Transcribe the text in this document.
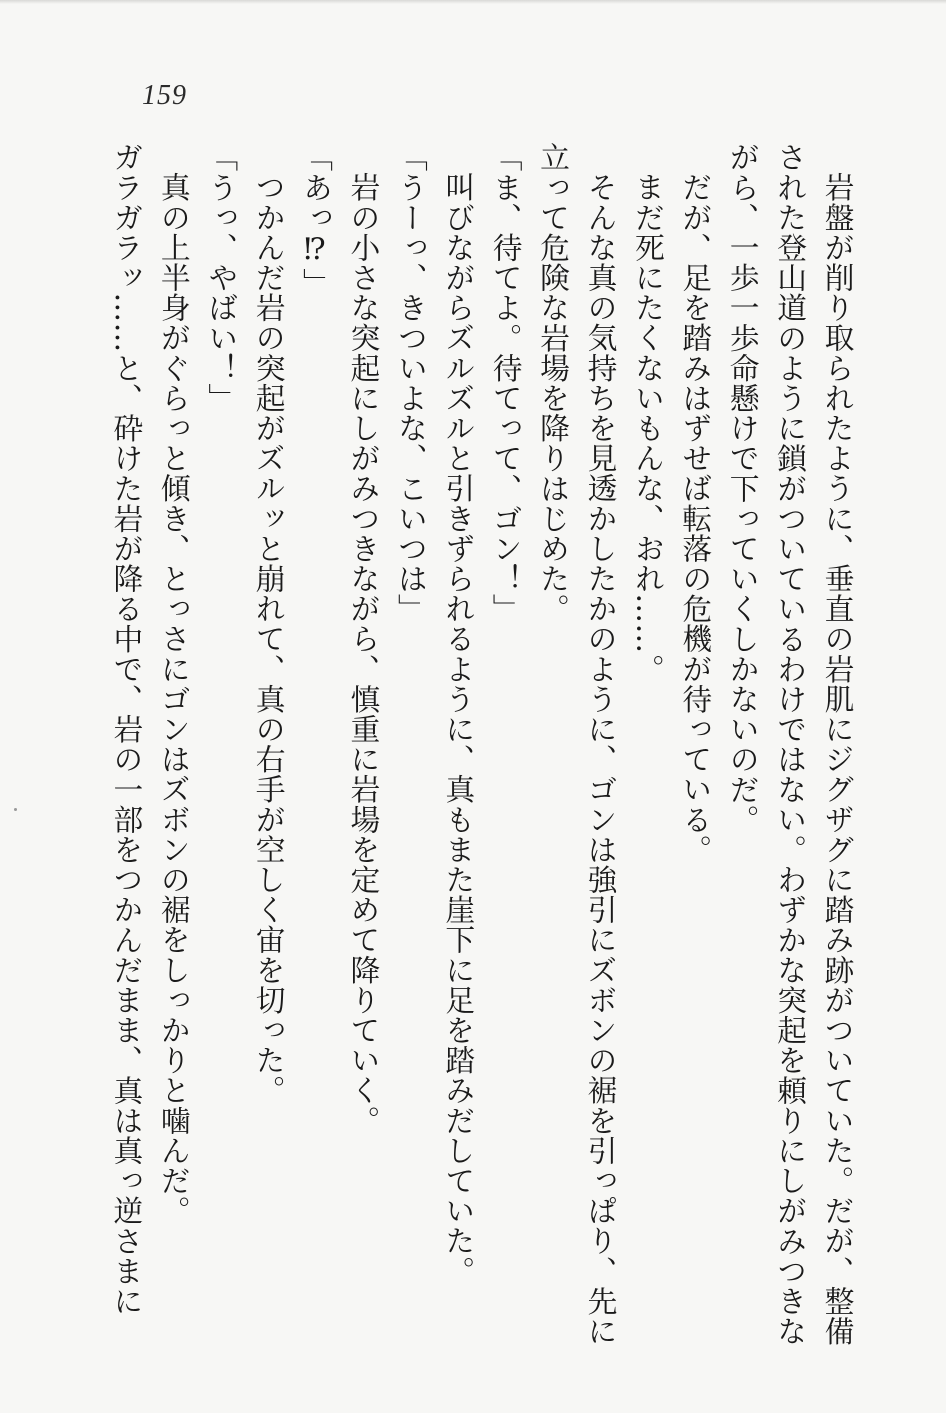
159
岩盤が削り取られたように、垂直の岩肌にジグザグに踏み跡がついていた。だが、整備
された登山道のように鎖がついているわけではない。わずかな突起を頼りにしがみつきな
がら、一歩一歩命懸けで下っていくしかないのだ。
だが、足を踏みはずせば転落の危機が待っている。
まだ死にたくないもんな、おれ……。
そんな真の気持ちを見透かしたかのように、ゴンは強引にズボンの裾を引っぱり、先に
立って危険な岩場を降りはじめた。
「ま、待てよ。待てって、ゴン！」
叫びながらズルズルと引きずられるように、真もまた崖下に足を踏みだしていた。
「うーっ、きついよな、こいつは」
岩の小さな突起にしがみつきながら、慎重に岩場を定めて降りていく。
「あっ⁉」
つかんだ岩の突起がズルッと崩れて、真の右手が空しく宙を切った。
「うっ、やばい！」
真の上半身がぐらっと傾き、とっさにゴンはズボンの裾をしっかりと噛んだ。
ガラガラッ……と、砕けた岩が降る中で、岩の一部をつかんだまま、真は真っ逆さまに
